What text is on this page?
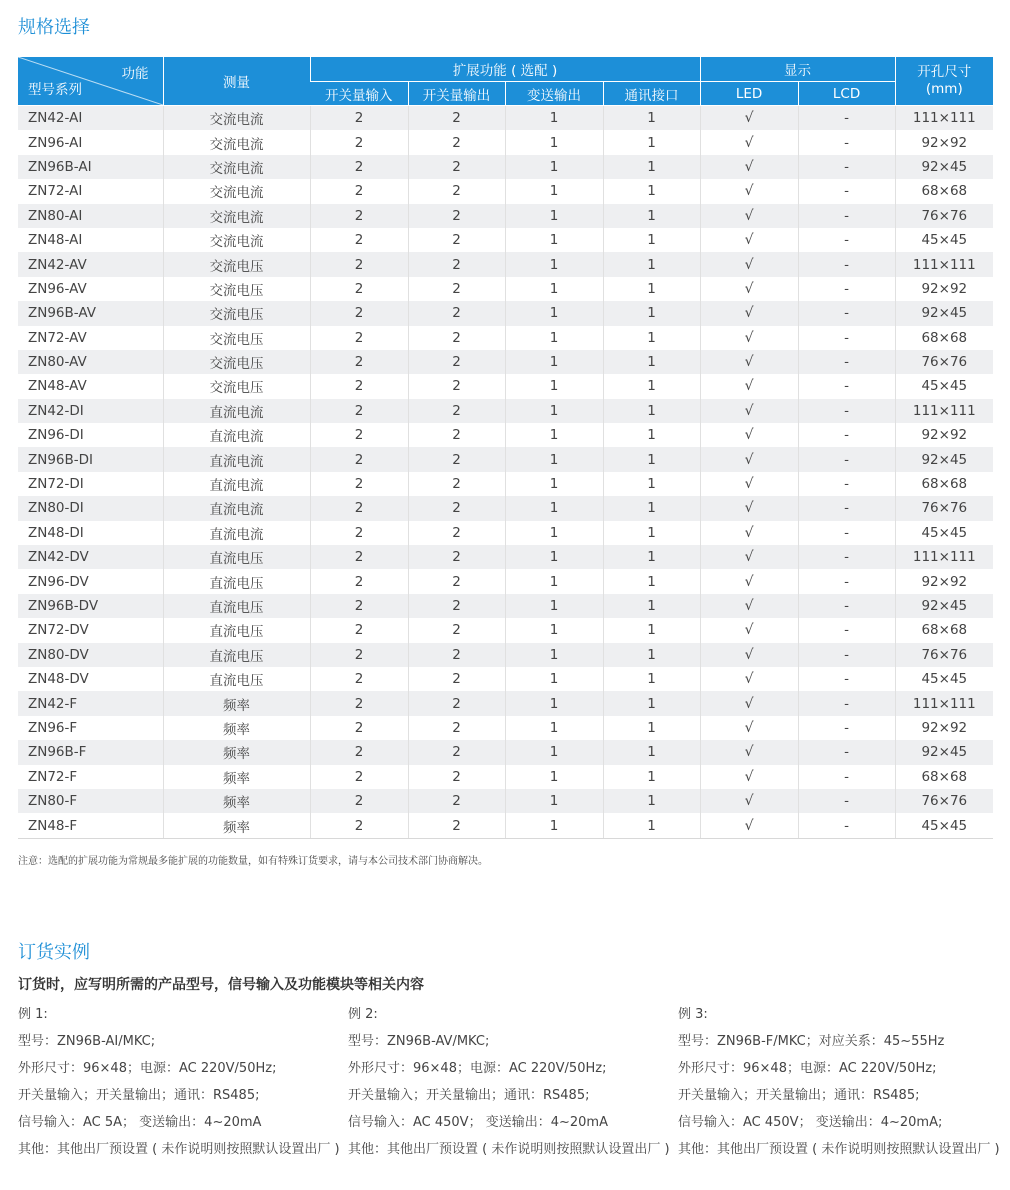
规格选择
功能
型号系列	测量	扩展功能 ( 选配 )				显示		开孔尺寸
(mm)
		开关量输入	开关量输出	变送输出	通讯接口	LED	LCD	
ZN42-AI	交流电流	2	2	1	1	√	-	111×111
ZN96-AI	交流电流	2	2	1	1	√	-	92×92
ZN96B-AI	交流电流	2	2	1	1	√	-	92×45
ZN72-AI	交流电流	2	2	1	1	√	-	68×68
ZN80-AI	交流电流	2	2	1	1	√	-	76×76
ZN48-AI	交流电流	2	2	1	1	√	-	45×45
ZN42-AV	交流电压	2	2	1	1	√	-	111×111
ZN96-AV	交流电压	2	2	1	1	√	-	92×92
ZN96B-AV	交流电压	2	2	1	1	√	-	92×45
ZN72-AV	交流电压	2	2	1	1	√	-	68×68
ZN80-AV	交流电压	2	2	1	1	√	-	76×76
ZN48-AV	交流电压	2	2	1	1	√	-	45×45
ZN42-DI	直流电流	2	2	1	1	√	-	111×111
ZN96-DI	直流电流	2	2	1	1	√	-	92×92
ZN96B-DI	直流电流	2	2	1	1	√	-	92×45
ZN72-DI	直流电流	2	2	1	1	√	-	68×68
ZN80-DI	直流电流	2	2	1	1	√	-	76×76
ZN48-DI	直流电流	2	2	1	1	√	-	45×45
ZN42-DV	直流电压	2	2	1	1	√	-	111×111
ZN96-DV	直流电压	2	2	1	1	√	-	92×92
ZN96B-DV	直流电压	2	2	1	1	√	-	92×45
ZN72-DV	直流电压	2	2	1	1	√	-	68×68
ZN80-DV	直流电压	2	2	1	1	√	-	76×76
ZN48-DV	直流电压	2	2	1	1	√	-	45×45
ZN42-F	频率	2	2	1	1	√	-	111×111
ZN96-F	频率	2	2	1	1	√	-	92×92
ZN96B-F	频率	2	2	1	1	√	-	92×45
ZN72-F	频率	2	2	1	1	√	-	68×68
ZN80-F	频率	2	2	1	1	√	-	76×76
ZN48-F	频率	2	2	1	1	√	-	45×45

注意：选配的扩展功能为常规最多能扩展的功能数量，如有特殊订货要求，请与本公司技术部门协商解决。

订货实例

订货时，应写明所需的产品型号，信号输入及功能模块等相关内容

例 1:
型号：ZN96B-AI/MKC;
外形尺寸：96×48；电源：AC 220V/50Hz;
开关量输入；开关量输出；通讯：RS485;
信号输入：AC 5A； 变送输出：4~20mA
其他：其他出厂预设置 ( 未作说明则按照默认设置出厂 )
例 2:
型号：ZN96B-AV/MKC;
外形尺寸：96×48；电源：AC 220V/50Hz;
开关量输入；开关量输出；通讯：RS485;
信号输入：AC 450V； 变送输出：4~20mA
其他：其他出厂预设置 ( 未作说明则按照默认设置出厂 )
例 3:
型号：ZN96B-F/MKC；对应关系：45~55Hz
外形尺寸：96×48；电源：AC 220V/50Hz;
开关量输入；开关量输出；通讯：RS485;
信号输入：AC 450V； 变送输出：4~20mA;
其他：其他出厂预设置 ( 未作说明则按照默认设置出厂 )
